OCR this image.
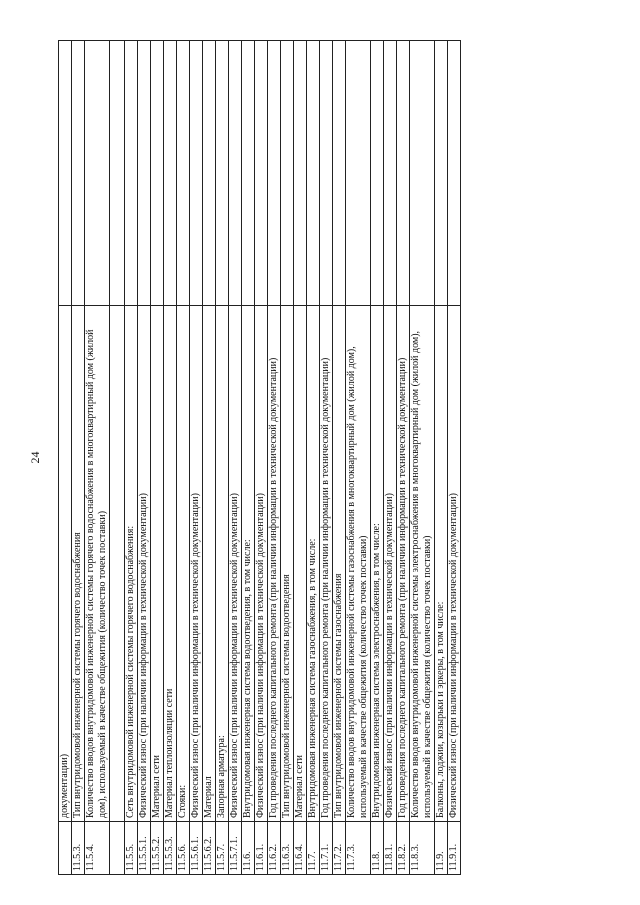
24
	документации)	
11.5.3.	Тип внутридомовой инженерной системы горячего водоснабжения	
11.5.4.	Количество вводов внутридомовой инженерной системы горячего водоснабжения в многоквартирный дом (жилой дом), используемый в качестве общежития (количество точек поставки)	

11.5.5.	Сеть внутридомовой инженерной системы горячего водоснабжения:	
11.5.5.1.	Физический износ (при наличии информации в технической документации)	
11.5.5.2.	Материал сети	
11.5.5.3.	Материал теплоизоляции сети	
11.5.6.	Стояки:	
11.5.6.1.	Физический износ (при наличии информации в технической документации)	
11.5.6.2.	Материал	
11.5.7.	Запорная арматура:	
11.5.7.1.	Физический износ (при наличии информации в технической документации)	
11.6.	Внутридомовая инженерная система водоотведения, в том числе:	
11.6.1.	Физический износ (при наличии информации в технической документации)	
11.6.2.	Год проведения последнего капитального ремонта (при наличии информации в технической документации)	
11.6.3.	Тип внутридомовой инженерной системы водоотведения	
11.6.4.	Материал сети	
11.7.	Внутридомовая инженерная система газоснабжения, в том числе:	
11.7.1.	Год проведения последнего капитального ремонта (при наличии информации в технической документации)	
11.7.2.	Тип внутридомовой инженерной системы газоснабжения	
11.7.3.	Количество вводов внутридомовой инженерной системы газоснабжения в многоквартирный дом (жилой дом), используемый в качестве общежития (количество точек поставки)	
11.8.	Внутридомовая инженерная система электроснабжения, в том числе:	
11.8.1.	Физический износ (при наличии информации в технической документации)	
11.8.2.	Год проведения последнего капитального ремонта (при наличии информации в технической документации)	
11.8.3.	Количество вводов внутридомовой инженерной системы электроснабжения в многоквартирный дом (жилой дом), используемый в качестве общежития (количество точек поставки)	
11.9.	Балконы, лоджии, козырьки и эркеры, в том числе:	
11.9.1.	Физический износ (при наличии информации в технической документации)	
